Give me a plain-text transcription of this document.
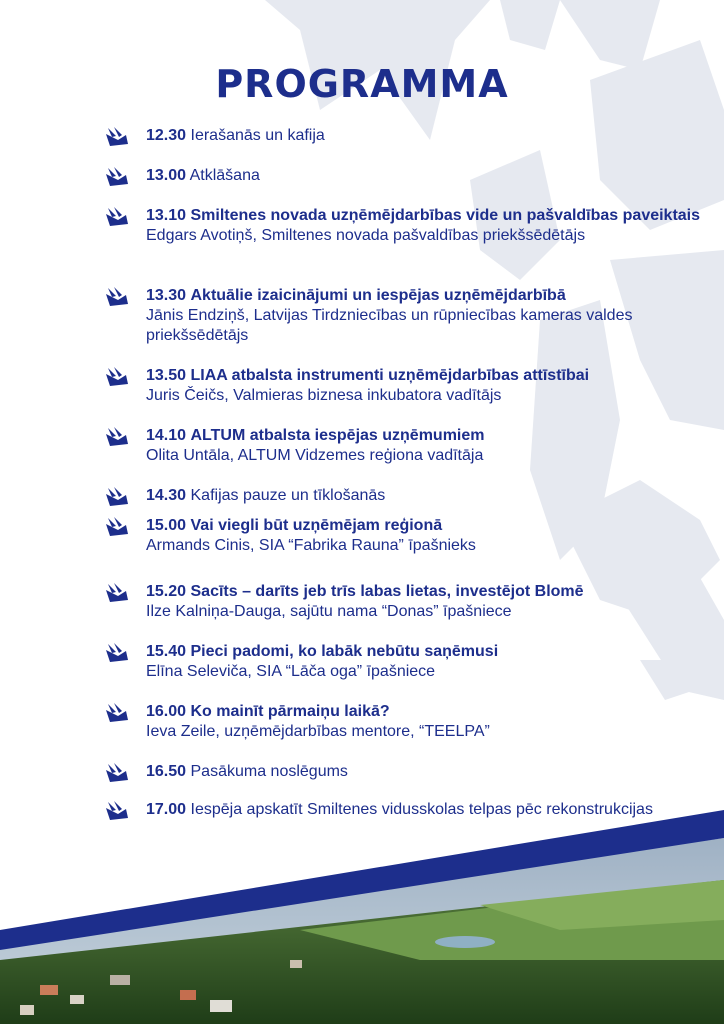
PROGRAMMA
12.30 Ierašanās un kafija
13.00 Atklāšana
13.10 Smiltenes novada uzņēmējdarbības vide un pašvaldības paveiktais
Edgars Avotiņš, Smiltenes novada pašvaldības priekšsēdētājs
13.30 Aktuālie izaicinājumi un iespējas uzņēmējdarbībā
Jānis Endziņš, Latvijas Tirdzniecības un rūpniecības kameras valdes priekšsēdētājs
13.50 LIAA atbalsta instrumenti uzņēmējdarbības attīstībai
Juris Čeičs, Valmieras biznesa inkubatora vadītājs
14.10 ALTUM atbalsta iespējas uzņēmumiem
Olita Untāla, ALTUM Vidzemes reģiona vadītāja
14.30 Kafijas pauze un tīklošanās
15.00 Vai viegli būt uzņēmējam reģionā
Armands Cinis, SIA “Fabrika Rauna” īpašnieks
15.20 Sacīts – darīts jeb trīs labas lietas, investējot Blomē
Ilze Kalniņa-Dauga, sajūtu nama “Donas” īpašniece
15.40 Pieci padomi, ko labāk nebūtu saņēmusi
Elīna Seleviča, SIA “Lāča oga” īpašniece
16.00 Ko mainīt pārmaiņu laikā?
Ieva Zeile, uzņēmējdarbības mentore, “TEELPA”
16.50 Pasākuma noslēgums
17.00 Iespēja apskatīt Smiltenes vidusskolas telpas pēc rekonstrukcijas
